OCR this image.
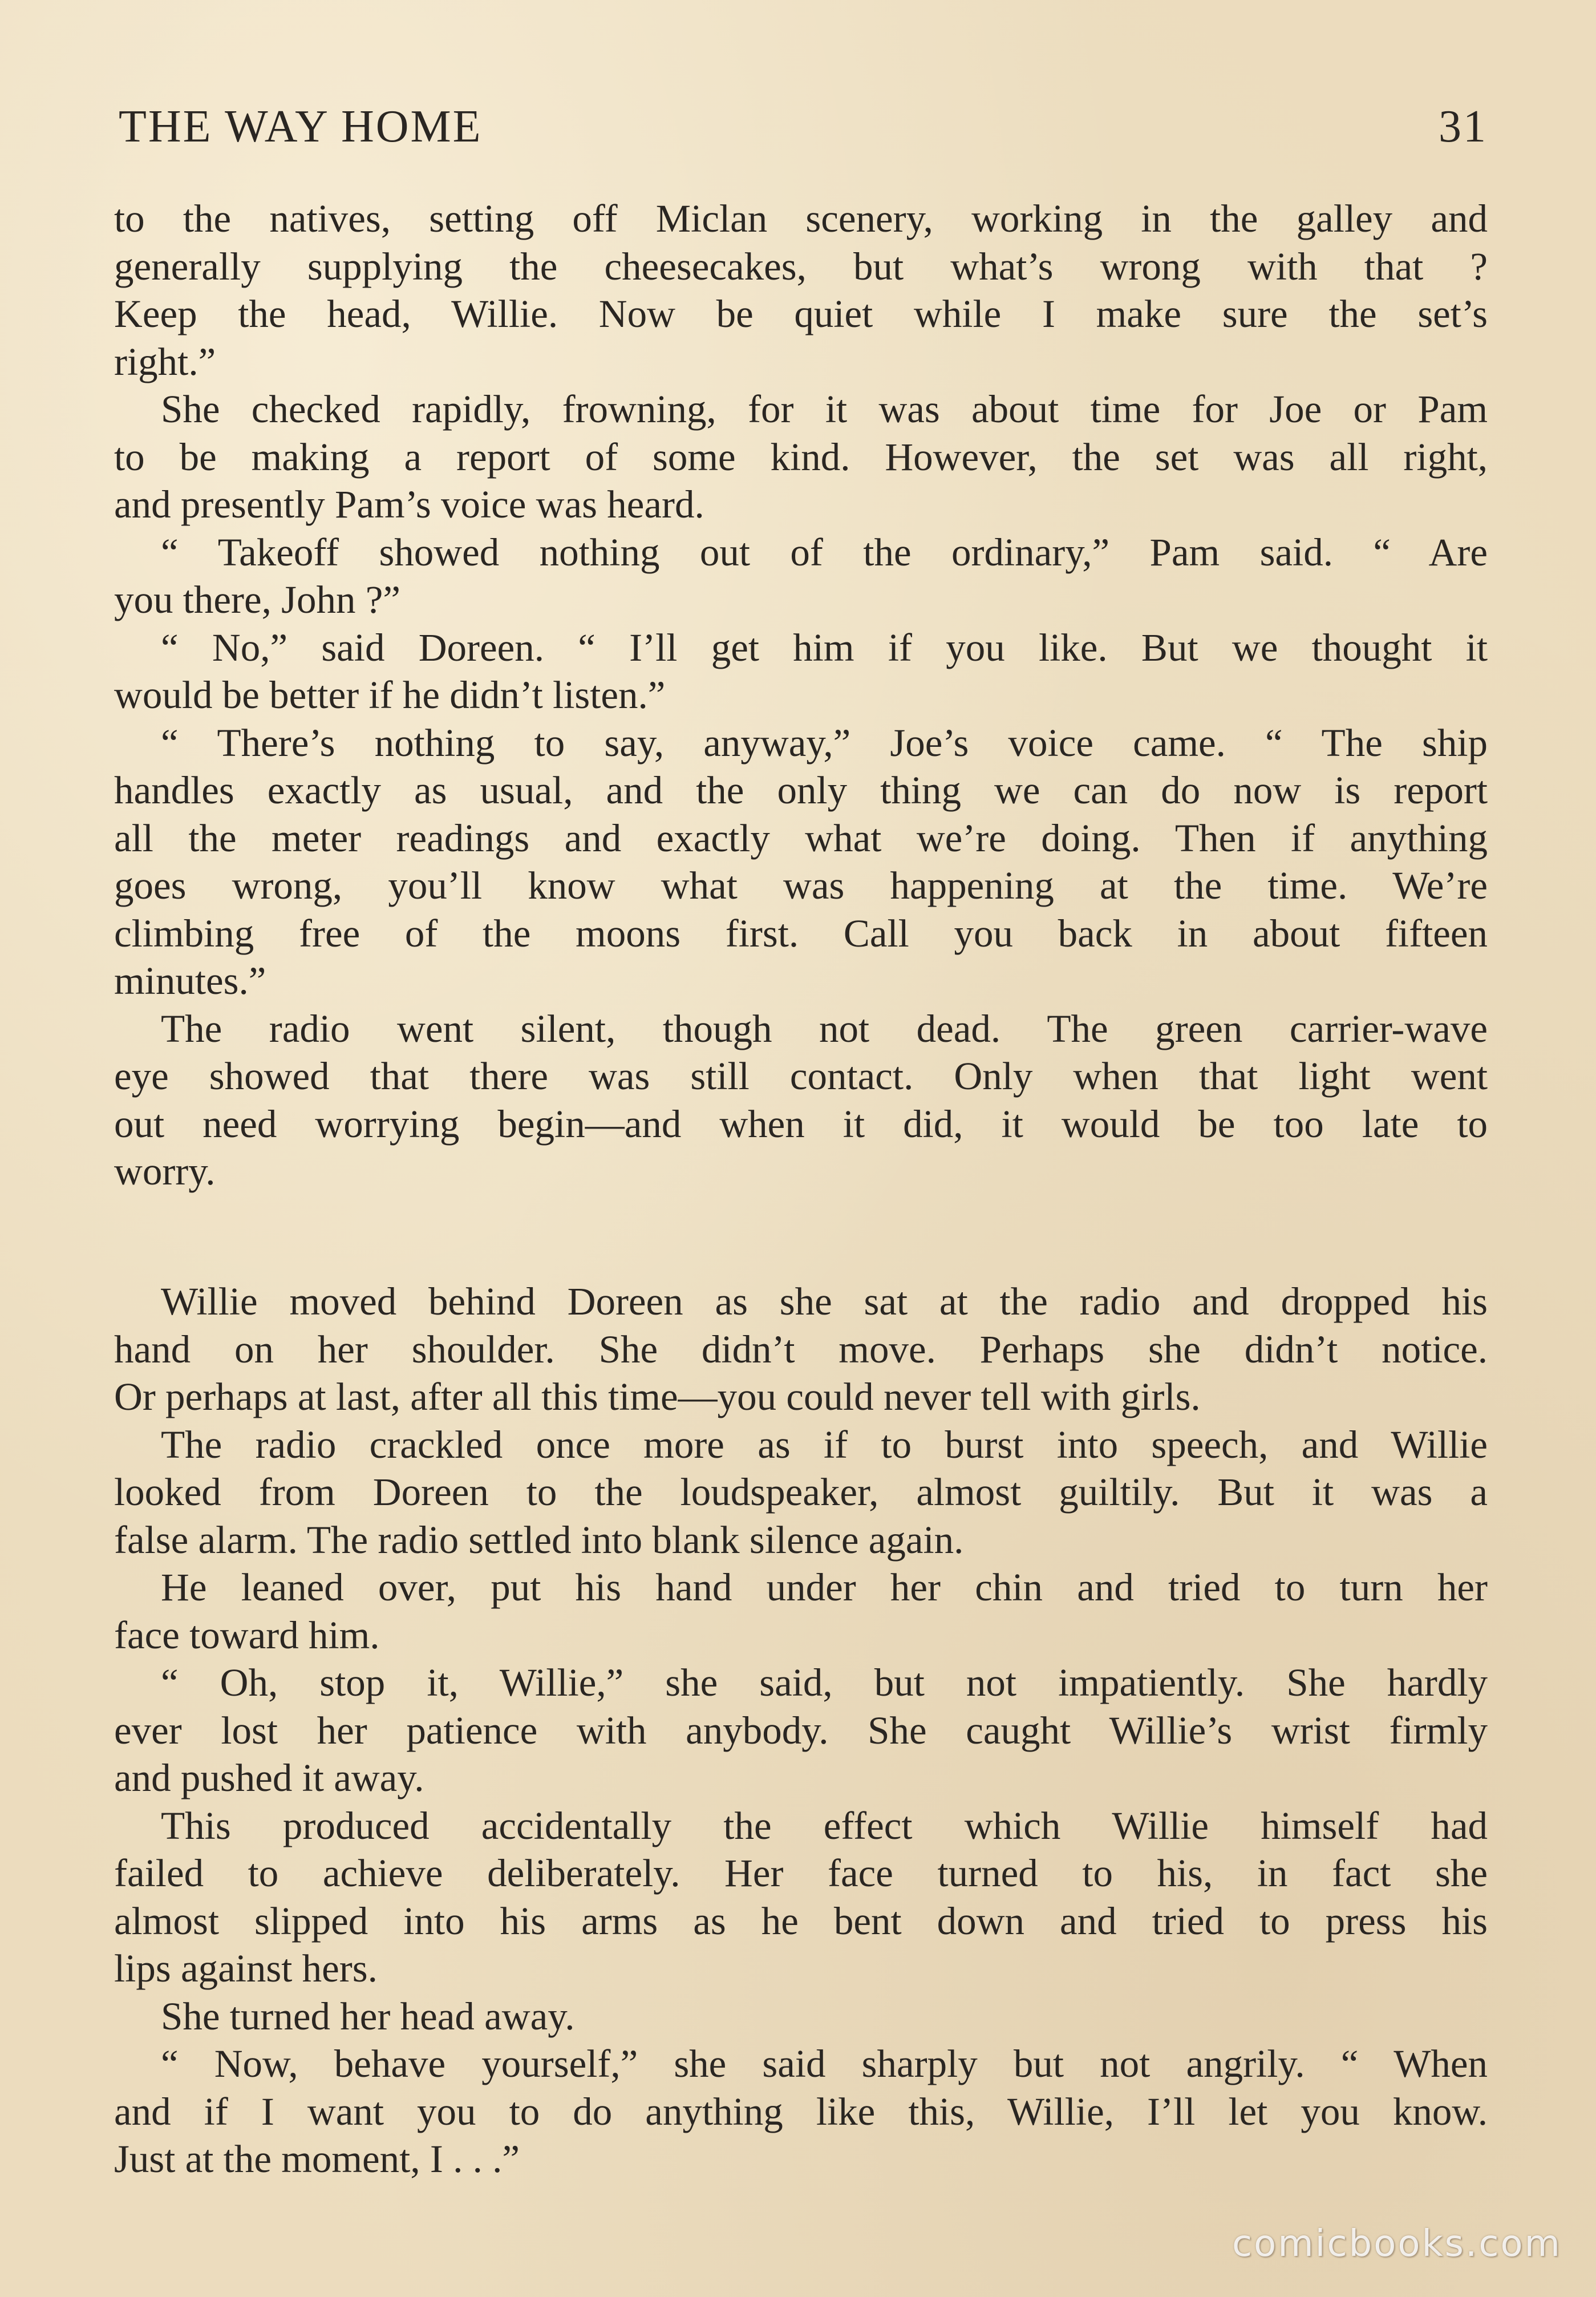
THE WAY HOME	31
to the natives, setting off Miclan scenery, working in the galley and
generally supplying the cheesecakes, but what’s wrong with that ?
Keep the head, Willie. Now be quiet while I make sure the set’s
right.”
She checked rapidly, frowning, for it was about time for Joe or Pam
to be making a report of some kind. However, the set was all right,
and presently Pam’s voice was heard.
“ Takeoff showed nothing out of the ordinary,” Pam said. “ Are
you there, John ?”
“ No,” said Doreen. “ I’ll get him if you like. But we thought it
would be better if he didn’t listen.”
“ There’s nothing to say, anyway,” Joe’s voice came. “ The ship
handles exactly as usual, and the only thing we can do now is report
all the meter readings and exactly what we’re doing. Then if anything
goes wrong, you’ll know what was happening at the time. We’re
climbing free of the moons first. Call you back in about fifteen
minutes.”
The radio went silent, though not dead. The green carrier-wave
eye showed that there was still contact. Only when that light went
out need worrying begin—and when it did, it would be too late to
worry.
Willie moved behind Doreen as she sat at the radio and dropped his
hand on her shoulder. She didn’t move. Perhaps she didn’t notice.
Or perhaps at last, after all this time—you could never tell with girls.
The radio crackled once more as if to burst into speech, and Willie
looked from Doreen to the loudspeaker, almost guiltily. But it was a
false alarm. The radio settled into blank silence again.
He leaned over, put his hand under her chin and tried to turn her
face toward him.
“ Oh, stop it, Willie,” she said, but not impatiently. She hardly
ever lost her patience with anybody. She caught Willie’s wrist firmly
and pushed it away.
This produced accidentally the effect which Willie himself had
failed to achieve deliberately. Her face turned to his, in fact she
almost slipped into his arms as he bent down and tried to press his
lips against hers.
She turned her head away.
“ Now, behave yourself,” she said sharply but not angrily. “ When
and if I want you to do anything like this, Willie, I’ll let you know.
Just at the moment, I . . .”
comicbooks.com
